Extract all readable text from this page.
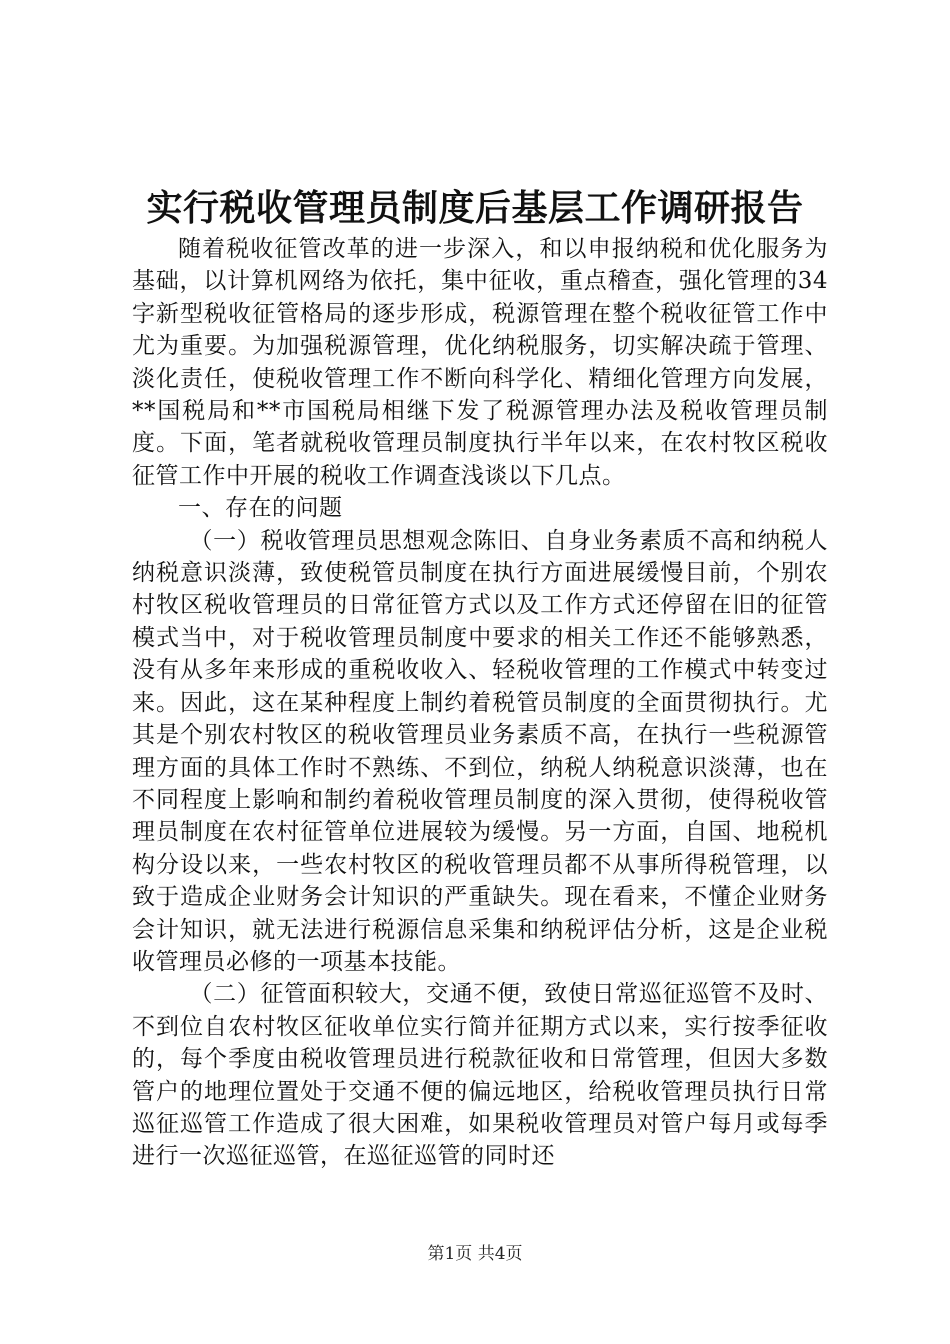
实行税收管理员制度后基层工作调研报告

随着税收征管改革的进一步深入，和以申报纳税和优化服务为基础，以计算机网络为依托，集中征收，重点稽查，强化管理的34字新型税收征管格局的逐步形成，税源管理在整个税收征管工作中尤为重要。为加强税源管理，优化纳税服务，切实解决疏于管理、淡化责任，使税收管理工作不断向科学化、精细化管理方向发展，**国税局和**市国税局相继下发了税源管理办法及税收管理员制度。下面，笔者就税收管理员制度执行半年以来，在农村牧区税收征管工作中开展的税收工作调查浅谈以下几点。

一、存在的问题

（一）税收管理员思想观念陈旧、自身业务素质不高和纳税人纳税意识淡薄，致使税管员制度在执行方面进展缓慢目前，个别农村牧区税收管理员的日常征管方式以及工作方式还停留在旧的征管模式当中，对于税收管理员制度中要求的相关工作还不能够熟悉，没有从多年来形成的重税收收入、轻税收管理的工作模式中转变过来。因此，这在某种程度上制约着税管员制度的全面贯彻执行。尤其是个别农村牧区的税收管理员业务素质不高，在执行一些税源管理方面的具体工作时不熟练、不到位，纳税人纳税意识淡薄，也在不同程度上影响和制约着税收管理员制度的深入贯彻，使得税收管理员制度在农村征管单位进展较为缓慢。另一方面，自国、地税机构分设以来，一些农村牧区的税收管理员都不从事所得税管理，以致于造成企业财务会计知识的严重缺失。现在看来，不懂企业财务会计知识，就无法进行税源信息采集和纳税评估分析，这是企业税收管理员必修的一项基本技能。

（二）征管面积较大，交通不便，致使日常巡征巡管不及时、不到位自农村牧区征收单位实行简并征期方式以来，实行按季征收的，每个季度由税收管理员进行税款征收和日常管理，但因大多数管户的地理位置处于交通不便的偏远地区，给税收管理员执行日常巡征巡管工作造成了很大困难，如果税收管理员对管户每月或每季进行一次巡征巡管，在巡征巡管的同时还

第1页 共4页
